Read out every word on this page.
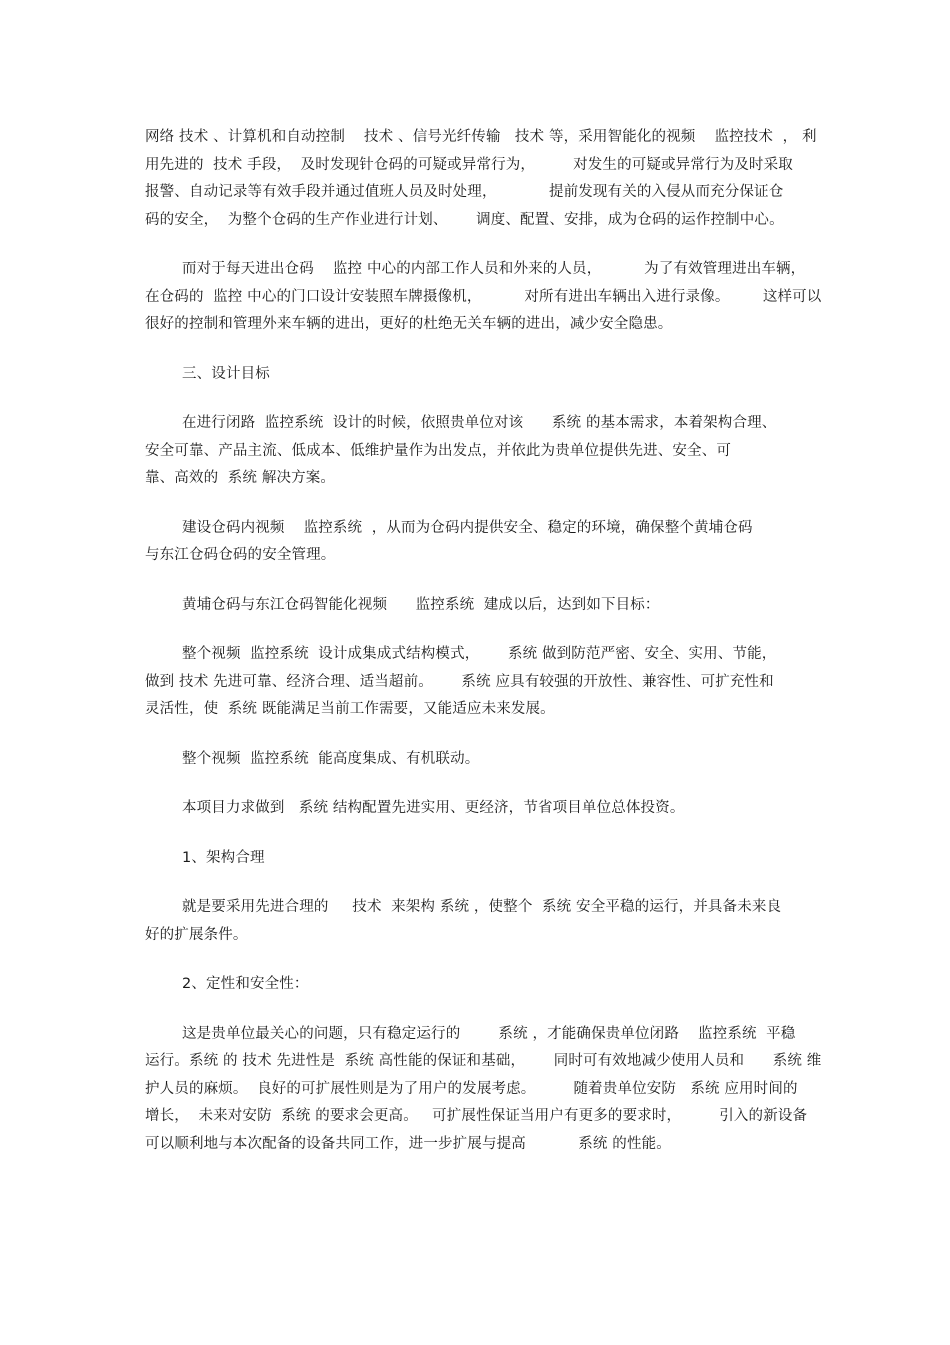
网络 技术 、计算机和自动控制    技术 、信号光纤传输   技术 等，采用智能化的视频    监控技术  ， 利
用先进的  技术 手段，  及时发现针仓码的可疑或异常行为，        对发生的可疑或异常行为及时采取
报警、自动记录等有效手段并通过值班人员及时处理，           提前发现有关的入侵从而充分保证仓
码的安全，  为整个仓码的生产作业进行计划、      调度、配置、安排，成为仓码的运作控制中心。
而对于每天进出仓码    监控 中心的内部工作人员和外来的人员，         为了有效管理进出车辆，
在仓码的  监控 中心的门口设计安装照车牌摄像机，         对所有进出车辆出入进行录像。       这样可以
很好的控制和管理外来车辆的进出，更好的杜绝无关车辆的进出，减少安全隐患。
三、设计目标
在进行闭路  监控系统  设计的时候，依照贵单位对该      系统 的基本需求，本着架构合理、
安全可靠、产品主流、低成本、低维护量作为出发点，并依此为贵单位提供先进、安全、可
靠、高效的  系统 解决方案。
建设仓码内视频    监控系统  ，从而为仓码内提供安全、稳定的环境，确保整个黄埔仓码
与东江仓码仓码的安全管理。
黄埔仓码与东江仓码智能化视频      监控系统  建成以后，达到如下目标：
整个视频  监控系统  设计成集成式结构模式，      系统 做到防范严密、安全、实用、节能，
做到 技术 先进可靠、经济合理、适当超前。      系统 应具有较强的开放性、兼容性、可扩充性和
灵活性，使  系统 既能满足当前工作需要，又能适应未来发展。
整个视频  监控系统  能高度集成、有机联动。
本项目力求做到   系统 结构配置先进实用、更经济，节省项目单位总体投资。
1、架构合理
就是要采用先进合理的     技术  来架构 系统 ，使整个  系统 安全平稳的运行，并具备未来良
好的扩展条件。
2、定性和安全性：
这是贵单位最关心的问题，只有稳定运行的        系统 ，才能确保贵单位闭路    监控系统  平稳
运行。系统 的 技术 先进性是  系统 高性能的保证和基础，      同时可有效地减少使用人员和      系统 维
护人员的麻烦。  良好的可扩展性则是为了用户的发展考虑。        随着贵单位安防   系统 应用时间的
增长，  未来对安防  系统 的要求会更高。   可扩展性保证当用户有更多的要求时，        引入的新设备
可以顺利地与本次配备的设备共同工作，进一步扩展与提高           系统 的性能。
